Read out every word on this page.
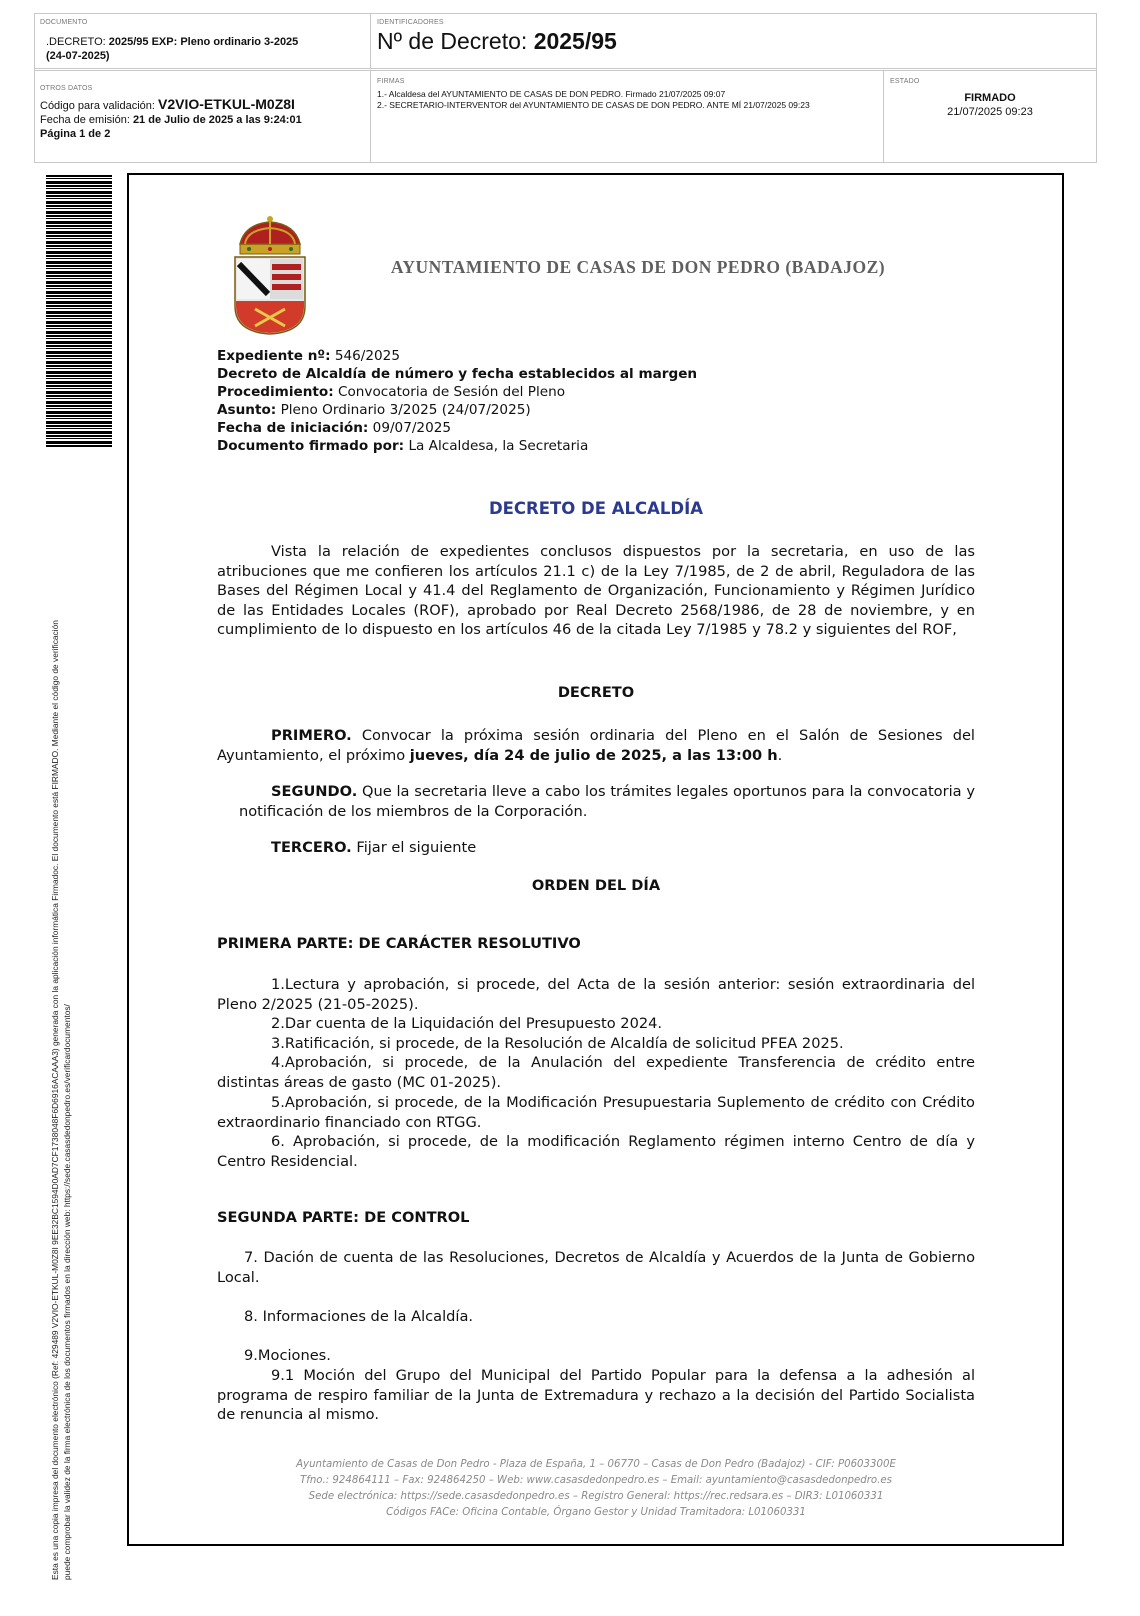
DOCUMENTO
.DECRETO: 2025/95 EXP: Pleno ordinario 3-2025
(24-07-2025)
IDENTIFICADORES
Nº de Decreto: 2025/95
OTROS DATOS
Código para validación: V2VIO-ETKUL-M0Z8I
Fecha de emisión: 21 de Julio de 2025 a las 9:24:01
Página 1 de 2
FIRMAS
1.- Alcaldesa del AYUNTAMIENTO DE CASAS DE DON PEDRO. Firmado 21/07/2025 09:07
2.- SECRETARIO-INTERVENTOR del AYUNTAMIENTO DE CASAS DE DON PEDRO. ANTE MÍ 21/07/2025 09:23
ESTADO
FIRMADO
21/07/2025 09:23
Esta es una copia impresa del documento electrónico (Ref: 429489 V2VIO-ETKUL-M0Z8I 9EE32BC1594D0AD7CF1738048F6D6916ACAAA3) generada con la aplicación informática Firmadoc. El documento está FIRMADO. Mediante el código de verificación puede comprobar la validez de la firma electrónica de los documentos firmados en la dirección web: https://sede.casasdedonpedro.es/verificardocumentos/
AYUNTAMIENTO DE CASAS DE DON PEDRO (BADAJOZ)
Expediente nº: 546/2025
Decreto de Alcaldía de número y fecha establecidos al margen
Procedimiento: Convocatoria de Sesión del Pleno
Asunto: Pleno Ordinario 3/2025 (24/07/2025)
Fecha de iniciación: 09/07/2025
Documento firmado por: La Alcaldesa, la Secretaria
DECRETO DE ALCALDÍA
Vista la relación de expedientes conclusos dispuestos por la secretaria, en uso de las atribuciones que me confieren los artículos 21.1 c) de la Ley 7/1985, de 2 de abril, Reguladora de las Bases del Régimen Local y 41.4 del Reglamento de Organización, Funcionamiento y Régimen Jurídico de las Entidades Locales (ROF), aprobado por Real Decreto 2568/1986, de 28 de noviembre, y en cumplimiento de lo dispuesto en los artículos 46 de la citada Ley 7/1985 y 78.2 y siguientes del ROF,
DECRETO
PRIMERO. Convocar la próxima sesión ordinaria del Pleno en el Salón de Sesiones del Ayuntamiento, el próximo jueves, día 24 de julio de 2025, a las 13:00 h.
SEGUNDO. Que la secretaria lleve a cabo los trámites legales oportunos para la convocatoria y notificación de los miembros de la Corporación.
TERCERO. Fijar el siguiente
ORDEN DEL DÍA
PRIMERA PARTE: DE CARÁCTER RESOLUTIVO
1.Lectura y aprobación, si procede, del Acta de la sesión anterior: sesión extraordinaria del Pleno 2/2025 (21-05-2025).
2.Dar cuenta de la Liquidación del Presupuesto 2024.
3.Ratificación, si procede, de la Resolución de Alcaldía de solicitud PFEA 2025.
4.Aprobación, si procede, de la Anulación del expediente Transferencia de crédito entre distintas áreas de gasto (MC 01-2025).
5.Aprobación, si procede, de la Modificación Presupuestaria Suplemento de crédito con Crédito extraordinario financiado con RTGG.
6. Aprobación, si procede, de la modificación Reglamento régimen interno Centro de día y Centro Residencial.
SEGUNDA PARTE: DE CONTROL
7. Dación de cuenta de las Resoluciones, Decretos de Alcaldía y Acuerdos de la Junta de Gobierno Local.
8. Informaciones de la Alcaldía.
9.Mociones.
9.1 Moción del Grupo del Municipal del Partido Popular para la defensa a la adhesión al programa de respiro familiar de la Junta de Extremadura y rechazo a la decisión del Partido Socialista de renuncia al mismo.
Ayuntamiento de Casas de Don Pedro - Plaza de España, 1 – 06770 – Casas de Don Pedro (Badajoz) - CIF: P0603300E
Tfno.: 924864111 – Fax: 924864250 – Web: www.casasdedonpedro.es – Email: ayuntamiento@casasdedonpedro.es
Sede electrónica: https://sede.casasdedonpedro.es – Registro General: https://rec.redsara.es – DIR3: L01060331
Códigos FACe: Oficina Contable, Órgano Gestor y Unidad Tramitadora: L01060331
